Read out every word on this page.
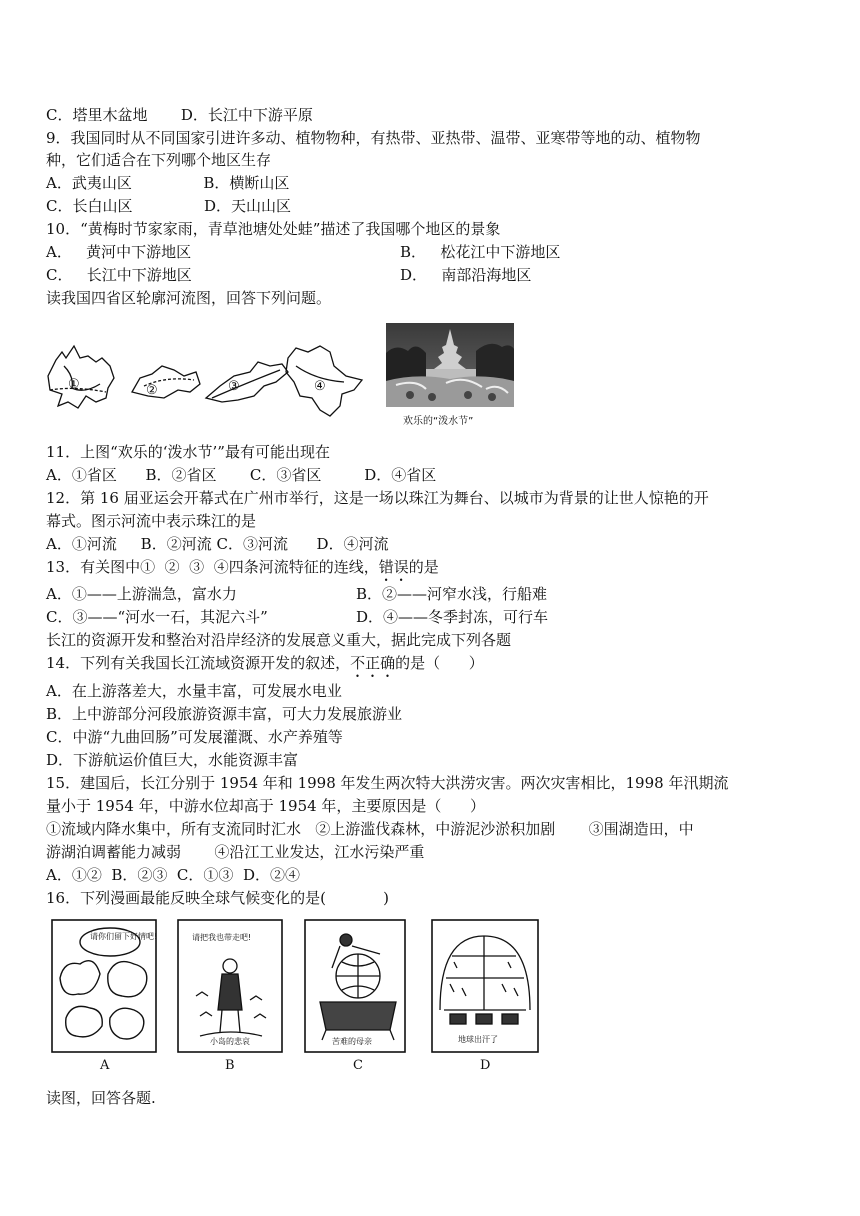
C．塔里木盆地       D．长江中下游平原
9．我国同时从不同国家引进许多动、植物物种，有热带、亚热带、温带、亚寒带等地的动、植物物
种，它们适合在下列哪个地区生存
A．武夷山区               B．横断山区
C．长白山区               D．天山山区
10．“黄梅时节家家雨，青草池塘处处蛙”描述了我国哪个地区的景象
A．   黄河中下游地区	B．   松花江中下游地区
C．   长江中下游地区	D．   南部沿海地区
读我国四省区轮廓河流图，回答下列问题。
①	②	③	④
欢乐的“泼水节”
11．上图“欢乐的‘泼水节’”最有可能出现在
A．①省区      B．②省区       C．③省区         D．④省区
12．第 16 届亚运会开幕式在广州市举行，这是一场以珠江为舞台、以城市为背景的让世人惊艳的开
幕式。图示河流中表示珠江的是
A．①河流     B．②河流 C．③河流      D．④河流
13．有关图中①  ②  ③  ④四条河流特征的连线，错误的是
A．①——上游湍急，富水力	B．②——河窄水浅，行船难
C．③——“河水一石，其泥六斗”	D．④——冬季封冻，可行车
长江的资源开发和整治对沿岸经济的发展意义重大，据此完成下列各题
14．下列有关我国长江流域资源开发的叙述，不正确的是（      ）
A．在上游落差大，水量丰富，可发展水电业
B．上中游部分河段旅游资源丰富，可大力发展旅游业
C．中游“九曲回肠”可发展灌溉、水产养殖等
D．下游航运价值巨大，水能资源丰富
15．建国后，长江分别于 1954 年和 1998 年发生两次特大洪涝灾害。两次灾害相比，1998 年汛期流
量小于 1954 年，中游水位却高于 1954 年，主要原因是（      ）
①流域内降水集中，所有支流同时汇水   ②上游滥伐森林，中游泥沙淤积加剧       ③围湖造田，中
游湖泊调蓄能力减弱       ④沿江工业发达，江水污染严重
A．①②  B．②③  C．①③  D．②④
16．下列漫画最能反映全球气候变化的是(            )
请你们留下好情吧!	请把我也带走吧!
小岛的悲哀	苦难的母亲	地球出汗了
A	B	C	D
读图，回答各题.
